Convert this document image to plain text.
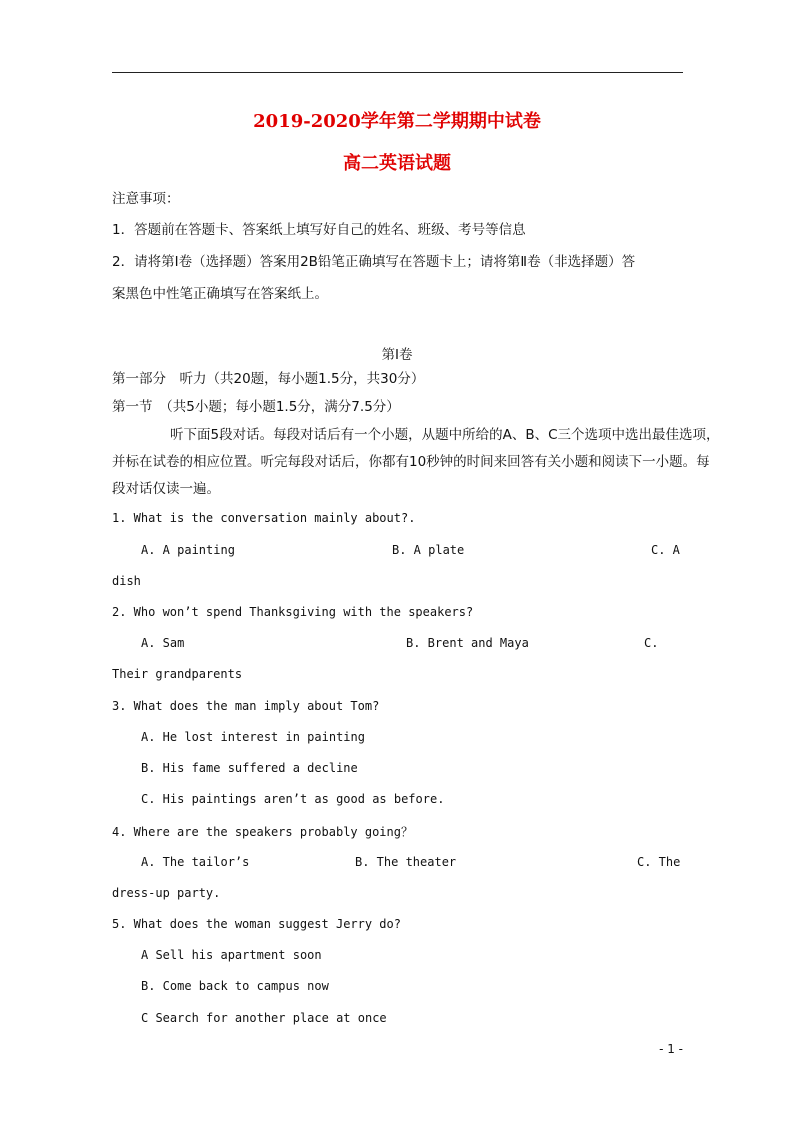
2019-2020学年第二学期期中试卷
高二英语试题
注意事项：
1．答题前在答题卡、答案纸上填写好自己的姓名、班级、考号等信息
2．请将第Ⅰ卷（选择题）答案用2B铅笔正确填写在答题卡上；请将第Ⅱ卷（非选择题）答
案黑色中性笔正确填写在答案纸上。
第Ⅰ卷
第一部分　听力（共20题，每小题1.5分，共30分）
第一节　（共5小题；每小题1.5分，满分7.5分）
听下面5段对话。每段对话后有一个小题，从题中所给的A、B、C三个选项中选出最佳选项，
并标在试卷的相应位置。听完每段对话后，你都有10秒钟的时间来回答有关小题和阅读下一小题。每
段对话仅读一遍。
1. What is the conversation mainly about?.
A. A painting	B. A plate	C. A
dish
2. Who won’t spend Thanksgiving with the speakers?
A. Sam	B. Brent and Maya	C.
Their grandparents
3. What does the man imply about Tom?
A. He lost interest in painting
B. His fame suffered a decline
C. His paintings aren’t as good as before.
4. Where are the speakers probably going？
A. The tailor’s	B. The theater	C. The
dress-up party.
5. What does the woman suggest Jerry do?
A Sell his apartment soon
B. Come back to campus now
C Search for another place at once
- 1 -
